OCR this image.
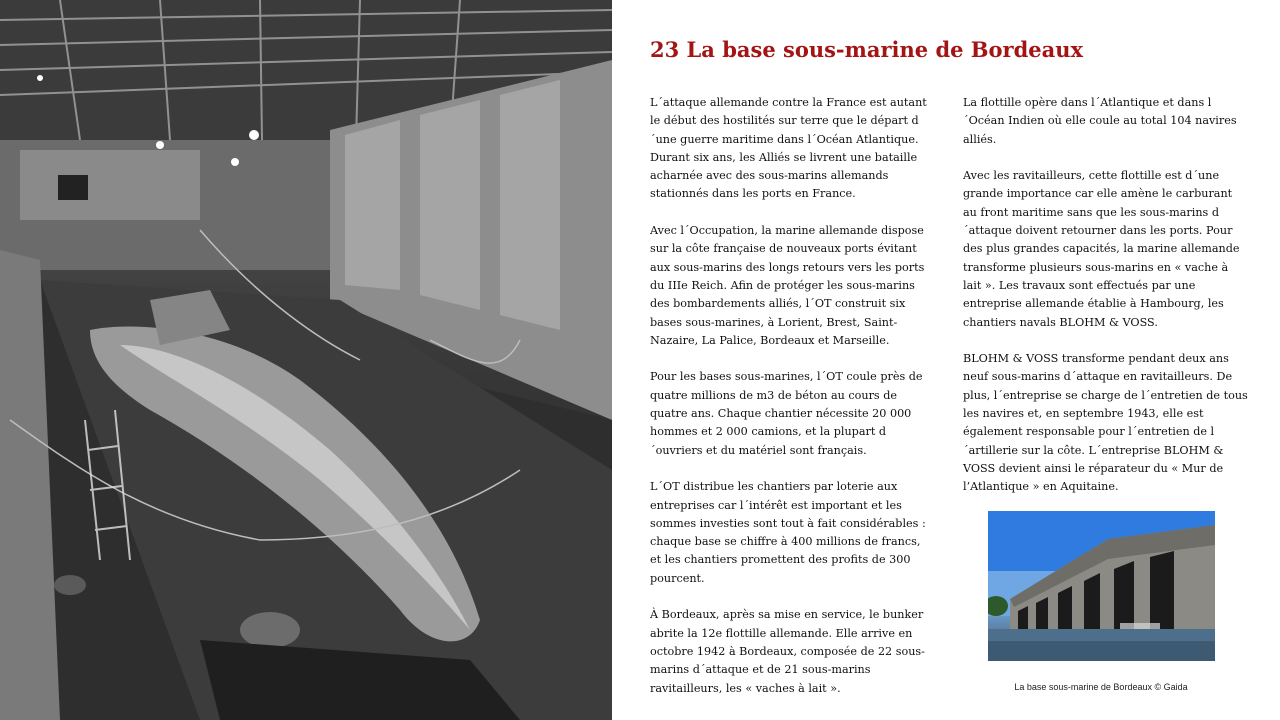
23 La base sous-marine de Bordeaux

L´attaque allemande contre la France est autant le début des hostilités sur terre que le départ d´une guerre maritime dans l´Océan Atlantique. Durant six ans, les Alliés se livrent une bataille acharnée avec des sous-marins allemands stationnés dans les ports en France.

Avec l´Occupation, la marine allemande dispose sur la côte française de nouveaux ports évitant aux sous-marins des longs retours vers les ports du IIIe Reich. Afin de protéger les sous-marins des bombardements alliés, l´OT construit six bases sous-marines, à Lorient, Brest, Saint-Nazaire, La Palice, Bordeaux et Marseille.

Pour les bases sous-marines, l´OT coule près de quatre millions de m3 de béton au cours de quatre ans. Chaque chantier nécessite 20 000 hommes et 2 000 camions, et la plupart d´ouvriers et du matériel sont français.

L´OT distribue les chantiers par loterie aux entreprises car l´intérêt est important et les sommes investies sont tout à fait considérables : chaque base se chiffre à 400 millions de francs, et les chantiers promettent des profits de 300 pourcent.

À Bordeaux, après sa mise en service, le bunker abrite la 12e flottille allemande. Elle arrive en octobre 1942 à Bordeaux, composée de 22 sous-marins d´attaque et de 21 sous-marins ravitailleurs, les « vaches à lait ».

La flottille opère dans l´Atlantique et dans l´Océan Indien où elle coule au total 104 navires alliés.

Avec les ravitailleurs, cette flottille est d´une grande importance car elle amène le carburant au front maritime sans que les sous-marins d´attaque doivent retourner dans les ports. Pour des plus grandes capacités, la marine allemande transforme plusieurs sous-marins en « vache à lait ». Les travaux sont effectués par une entreprise allemande établie à Hambourg, les chantiers navals BLOHM & VOSS.

BLOHM & VOSS transforme pendant deux ans neuf sous-marins d´attaque en ravitailleurs. De plus, l´entreprise se charge de l´entretien de tous les navires et, en septembre 1943, elle est également responsable pour l´entretien de l´artillerie sur la côte. L´entreprise BLOHM & VOSS devient ainsi le réparateur du « Mur de l’Atlantique » en Aquitaine.

La base sous-marine de Bordeaux © Gaida
